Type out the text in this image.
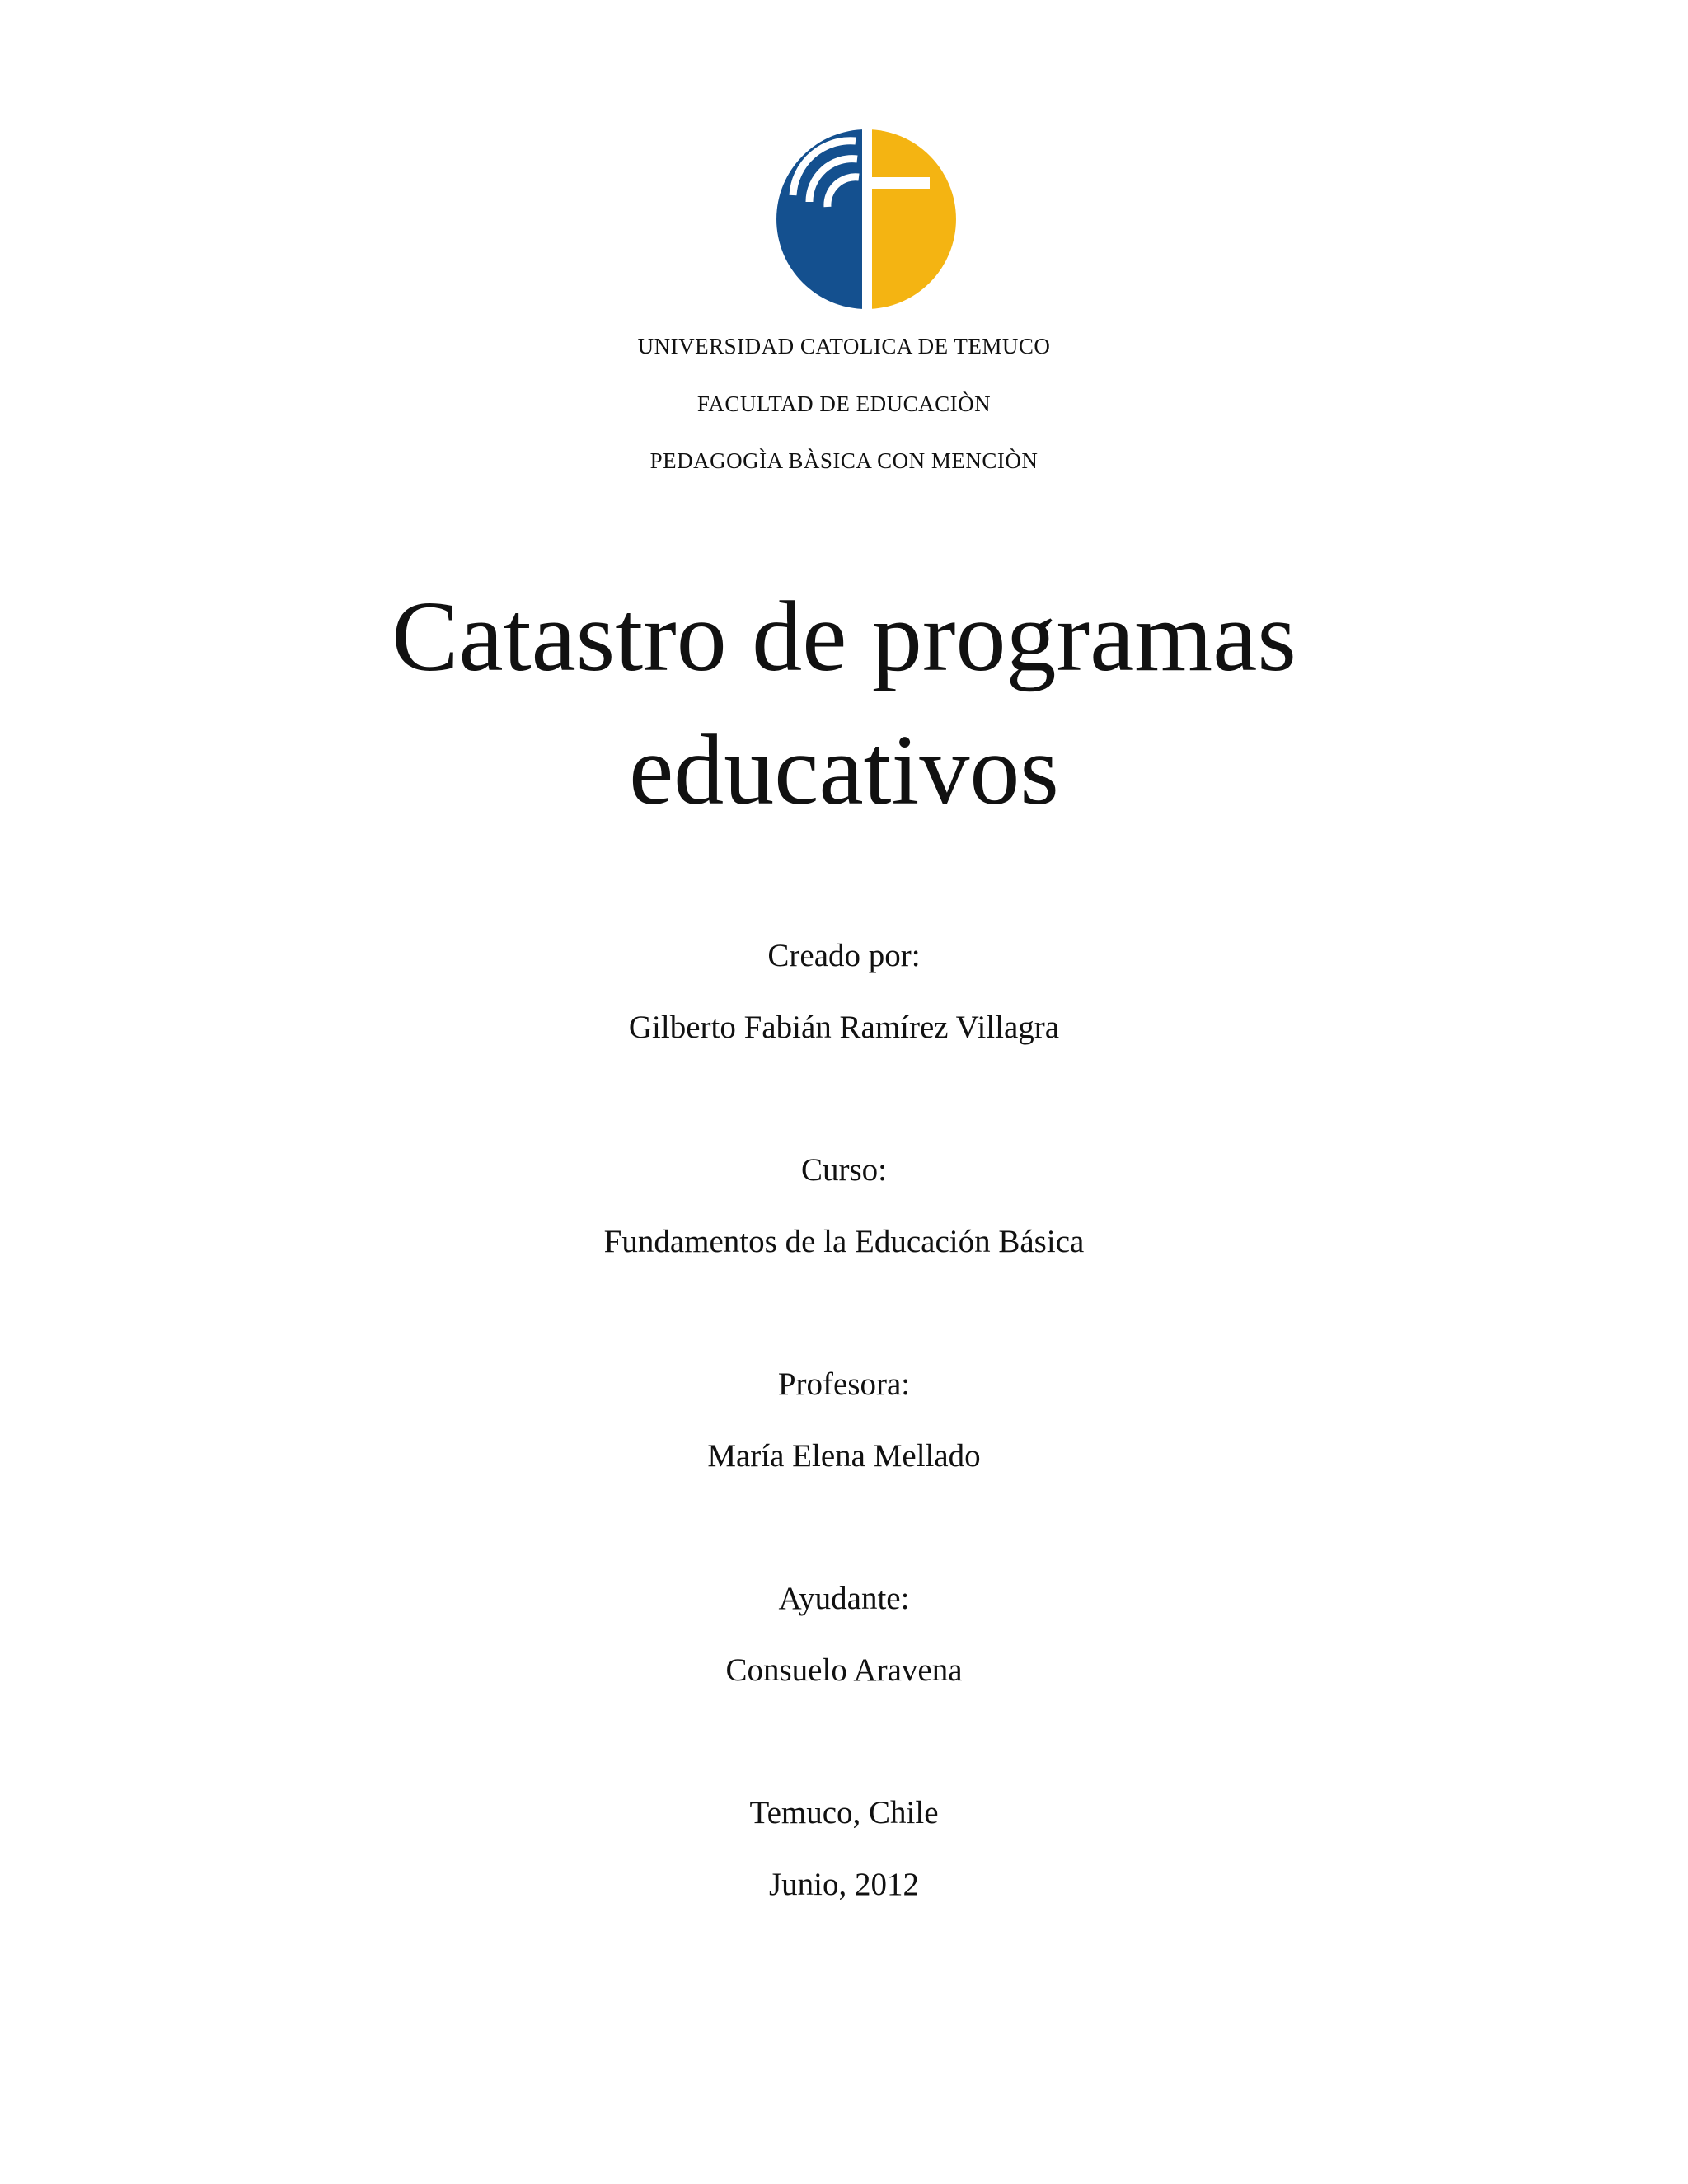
UNIVERSIDAD CATOLICA DE TEMUCO
FACULTAD DE EDUCACIÒN
PEDAGOGÌA BÀSICA CON MENCIÒN
Catastro de programas
educativos
Creado por:
Gilberto Fabián Ramírez Villagra
Curso:
Fundamentos de la Educación Básica
Profesora:
María Elena Mellado
Ayudante:
Consuelo Aravena
Temuco, Chile
Junio, 2012
